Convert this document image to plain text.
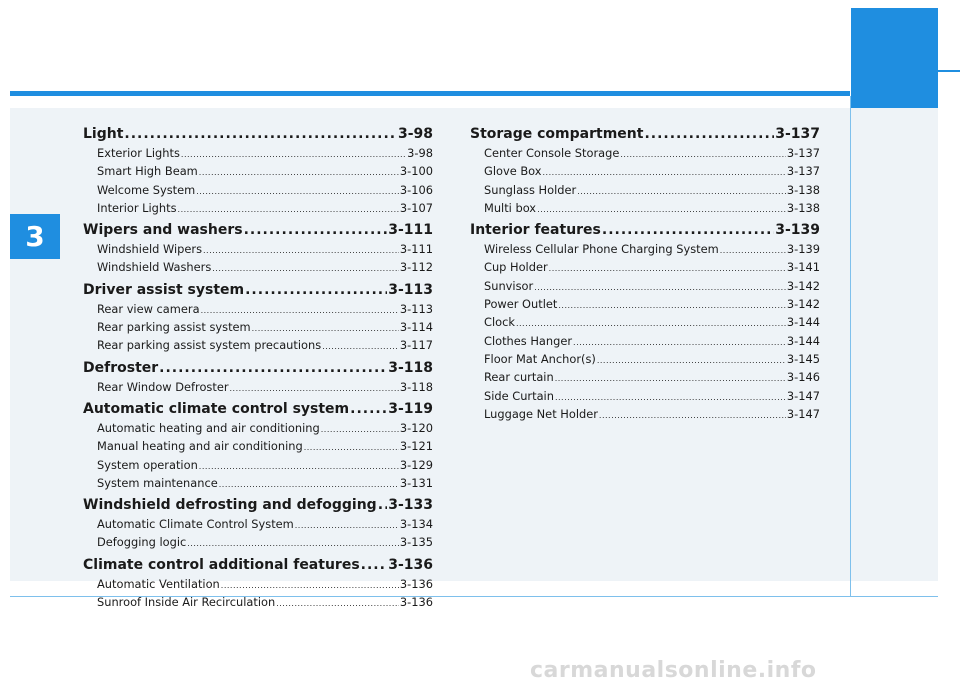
3
Light .....	3-98
Exterior Lights .....	3-98
Smart High Beam .....	3-100
Welcome System .....	3-106
Interior Lights .....	3-107
Wipers and washers .....	3-111
Windshield Wipers .....	3-111
Windshield Washers .....	3-112
Driver assist system .....	3-113
Rear view camera .....	3-113
Rear parking assist system .....	3-114
Rear parking assist system precautions .....	3-117
Defroster .....	3-118
Rear Window Defroster .....	3-118
Automatic climate control system .....	3-119
Automatic heating and air conditioning .....	3-120
Manual heating and air conditioning .....	3-121
System operation .....	3-129
System maintenance .....	3-131
Windshield defrosting and defogging ..... 3-133
Automatic Climate Control System .....	3-134
Defogging logic .....	3-135
Climate control additional features ..... 3-136
Automatic Ventilation .....	3-136
Sunroof Inside Air Recirculation .....	3-136
Storage compartment .....	3-137
Center Console Storage .....	3-137
Glove Box .....	3-137
Sunglass Holder .....	3-138
Multi box .....	3-138
Interior features .....	3-139
Wireless Cellular Phone Charging System .....	3-139
Cup Holder .....	3-141
Sunvisor .....	3-142
Power Outlet .....	3-142
Clock .....	3-144
Clothes Hanger .....	3-144
Floor Mat Anchor(s) .....	3-145
Rear curtain .....	3-146
Side Curtain .....	3-147
Luggage Net Holder .....	3-147
carmanualsonline.info
